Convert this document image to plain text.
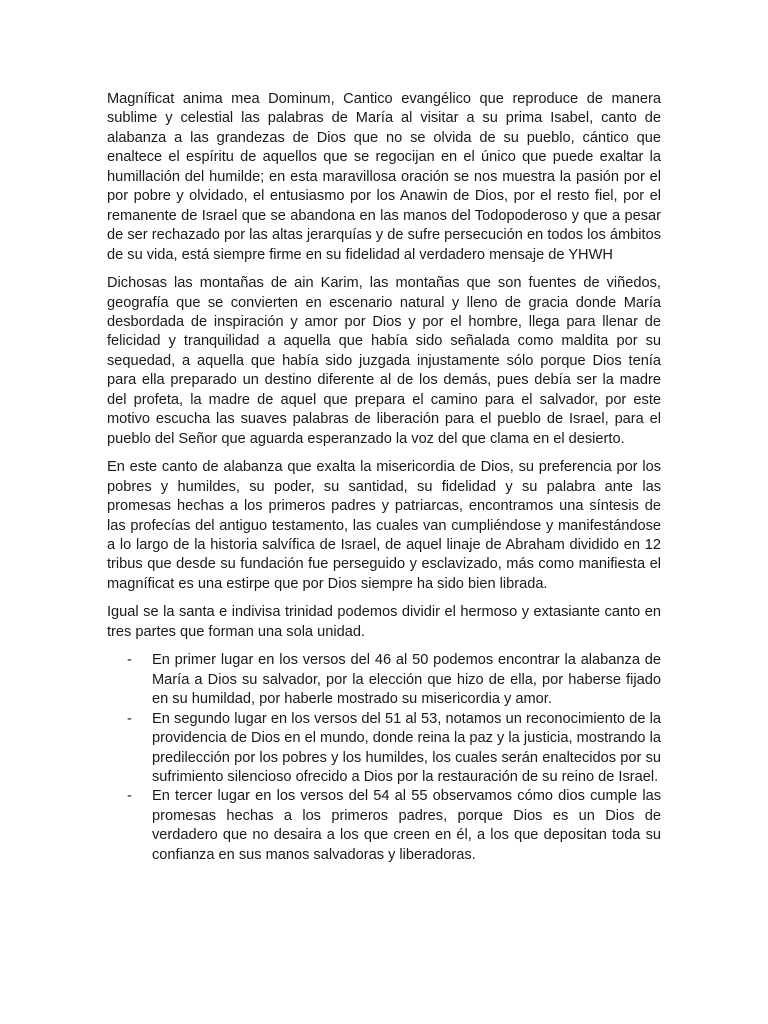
Magníficat anima mea Dominum, Cantico evangélico que reproduce de manera sublime y celestial las palabras de María al visitar a su prima Isabel, canto de alabanza a las grandezas de Dios que no se olvida de su pueblo, cántico que enaltece el espíritu de aquellos que se regocijan en el único que puede exaltar la humillación del humilde; en esta maravillosa oración se nos muestra la pasión por el por pobre y olvidado, el entusiasmo por los Anawin de Dios, por el resto fiel, por el remanente de Israel que se abandona en las manos del Todopoderoso y que a pesar de ser rechazado por las altas jerarquías y de sufre persecución en todos los ámbitos de su vida, está siempre firme en su fidelidad al verdadero mensaje de YHWH

Dichosas las montañas de ain Karim, las montañas que son fuentes de viñedos, geografía que se convierten en escenario natural y lleno de gracia donde María desbordada de inspiración y amor por Dios y por el hombre, llega para llenar de felicidad y tranquilidad a aquella que había sido señalada como maldita por su sequedad, a aquella que había sido juzgada injustamente sólo porque Dios tenía para ella preparado un destino diferente al de los demás, pues debía ser la madre del profeta, la madre de aquel que prepara el camino para el salvador, por este motivo escucha las suaves palabras de liberación para el pueblo de Israel, para el pueblo del Señor que aguarda esperanzado la voz del que clama en el desierto.

En este canto de alabanza que exalta la misericordia de Dios, su preferencia por los pobres y humildes, su poder, su santidad, su fidelidad y su palabra ante las promesas hechas a los primeros padres y patriarcas, encontramos una síntesis de las profecías del antiguo testamento, las cuales van cumpliéndose y manifestándose a lo largo de la historia salvífica de Israel, de aquel linaje de Abraham dividido en 12 tribus que desde su fundación fue perseguido y esclavizado, más como manifiesta el magníficat es una estirpe que por Dios siempre ha sido bien librada.

Igual se la santa e indivisa trinidad podemos dividir el hermoso y extasiante canto en tres partes que forman una sola unidad.

- En primer lugar en los versos del 46 al 50 podemos encontrar la alabanza de María a Dios su salvador, por la elección que hizo de ella, por haberse fijado en su humildad, por haberle mostrado su misericordia y amor.
- En segundo lugar en los versos del 51 al 53, notamos un reconocimiento de la providencia de Dios en el mundo, donde reina la paz y la justicia, mostrando la predilección por los pobres y los humildes, los cuales serán enaltecidos por su sufrimiento silencioso ofrecido a Dios por la restauración de su reino de Israel.
- En tercer lugar en los versos del 54 al 55 observamos cómo dios cumple las promesas hechas a los primeros padres, porque Dios es un Dios de verdadero que no desaira a los que creen en él, a los que depositan toda su confianza en sus manos salvadoras y liberadoras.
